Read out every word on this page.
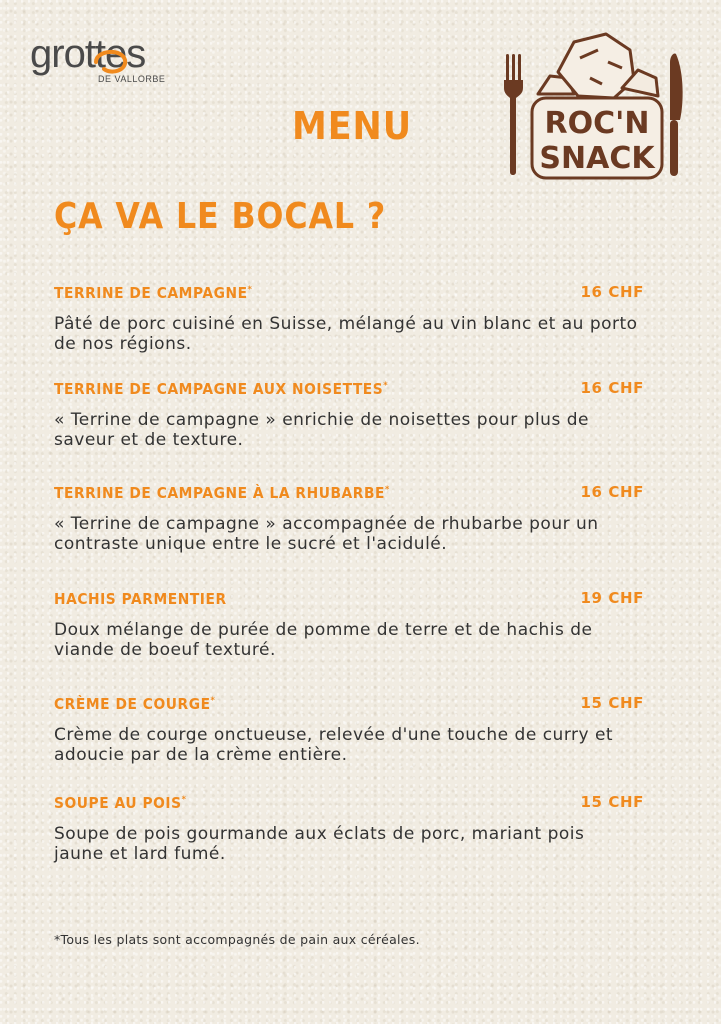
grottes
DE VALLORBE
MENU	ROC'N
SNACK
ÇA VA LE BOCAL ?
TERRINE DE CAMPAGNE*	16 CHF
Pâté de porc cuisiné en Suisse, mélangé au vin blanc et au porto de nos régions.
TERRINE DE CAMPAGNE AUX NOISETTES*	16 CHF
« Terrine de campagne » enrichie de noisettes pour plus de saveur et de texture.
TERRINE DE CAMPAGNE À LA RHUBARBE*	16 CHF
« Terrine de campagne » accompagnée de rhubarbe pour un contraste unique entre le sucré et l'acidulé.
HACHIS PARMENTIER	19 CHF
Doux mélange de purée de pomme de terre et de hachis de viande de boeuf texturé.
CRÈME DE COURGE*	15 CHF
Crème de courge onctueuse, relevée d'une touche de curry et adoucie par de la crème entière.
SOUPE AU POIS*	15 CHF
Soupe de pois gourmande aux éclats de porc, mariant pois jaune et lard fumé.
*Tous les plats sont accompagnés de pain aux céréales.
